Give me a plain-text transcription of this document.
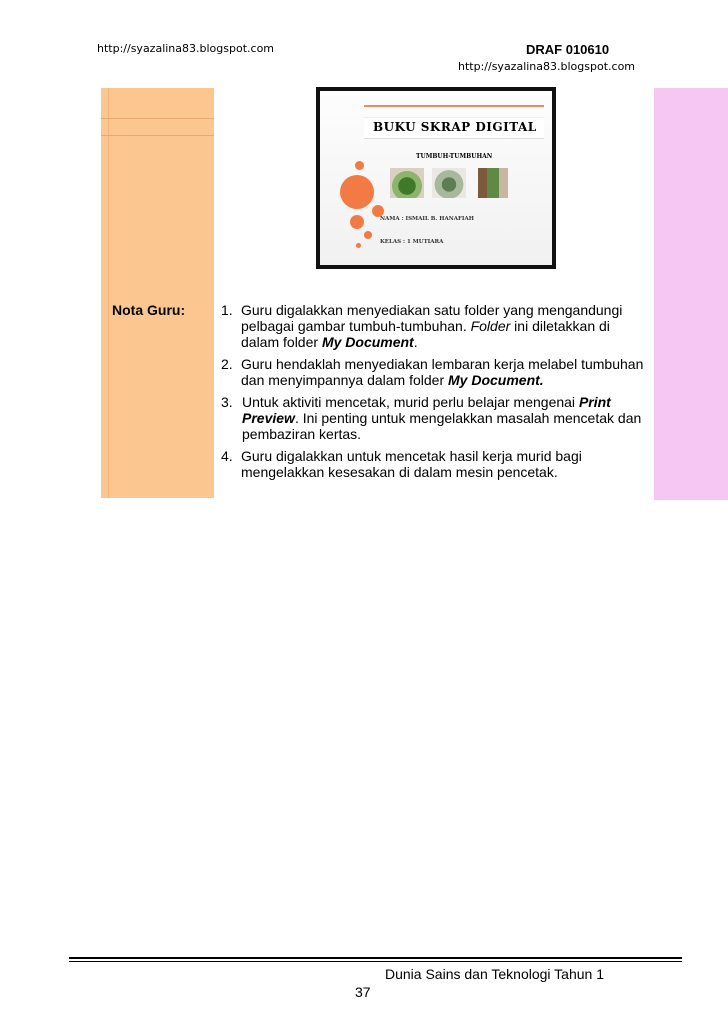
http://syazalina83.blogspot.com	DRAF 010610
http://syazalina83.blogspot.com
BUKU SKRAP DIGITAL
TUMBUH-TUMBUHAN
NAMA : ISMAIL B. HANAFIAH
KELAS : 1 MUTIARA
Nota Guru:	1. Guru digalakkan menyediakan satu folder yang mengandungi pelbagai gambar tumbuh-tumbuhan. Folder ini diletakkan di dalam folder My Document.
2. Guru hendaklah menyediakan lembaran kerja melabel tumbuhan dan menyimpannya dalam folder My Document.
3. Untuk aktiviti mencetak, murid perlu belajar mengenai Print Preview. Ini penting untuk mengelakkan masalah mencetak dan pembaziran kertas.
4. Guru digalakkan untuk mencetak hasil kerja murid bagi mengelakkan kesesakan di dalam mesin pencetak.
Dunia Sains dan Teknologi Tahun 1
37
